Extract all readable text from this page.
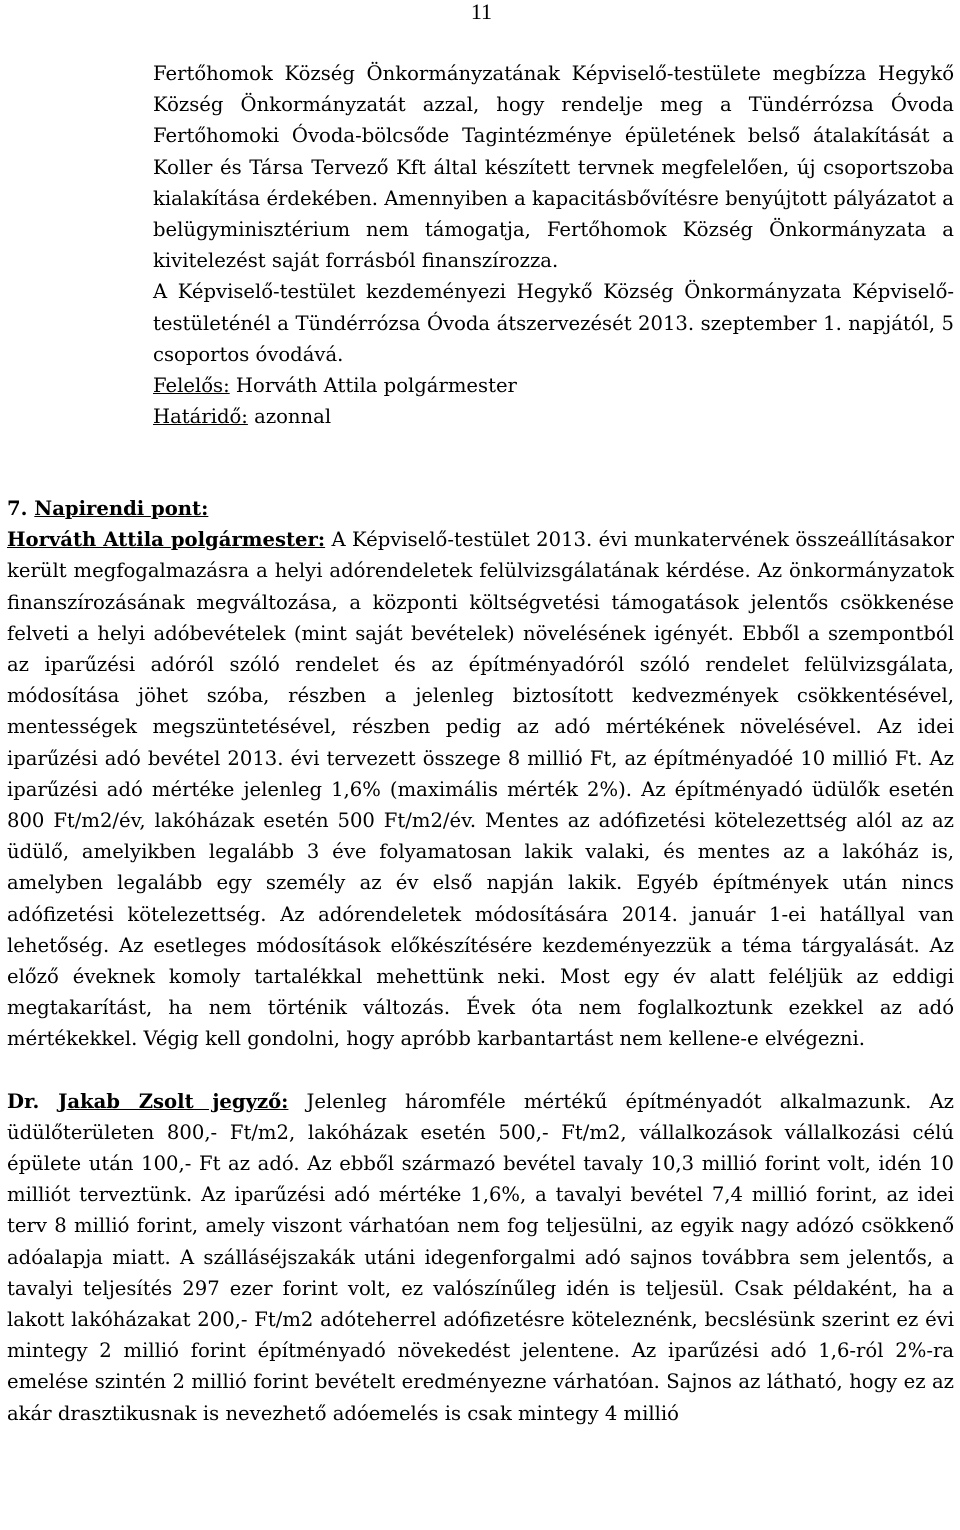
11

Fertőhomok Község Önkormányzatának Képviselő-testülete megbízza Hegykő Község Önkormányzatát azzal, hogy rendelje meg a Tündérrózsa Óvoda Fertőhomoki Óvoda-bölcsőde Tagintézménye épületének belső átalakítását a Koller és Társa Tervező Kft által készített tervnek megfelelően, új csoportszoba kialakítása érdekében. Amennyiben a kapacitásbővítésre benyújtott pályázatot a belügyminisztérium nem támogatja, Fertőhomok Község Önkormányzata a kivitelezést saját forrásból finanszírozza.

A Képviselő-testület kezdeményezi Hegykő Község Önkormányzata Képviselő-testületénél a Tündérrózsa Óvoda átszervezését 2013. szeptember 1. napjától, 5 csoportos óvodává.

Felelős: Horváth Attila polgármester

Határidő: azonnal

7. Napirendi pont:

Horváth Attila polgármester: A Képviselő-testület 2013. évi munkatervének összeállításakor került megfogalmazásra a helyi adórendeletek felülvizsgálatának kérdése. Az önkormányzatok finanszírozásának megváltozása, a központi költségvetési támogatások jelentős csökkenése felveti a helyi adóbevételek (mint saját bevételek) növelésének igényét. Ebből a szempontból az iparűzési adóról szóló rendelet és az építményadóról szóló rendelet felülvizsgálata, módosítása jöhet szóba, részben a jelenleg biztosított kedvezmények csökkentésével, mentességek megszüntetésével, részben pedig az adó mértékének növelésével. Az idei iparűzési adó bevétel 2013. évi tervezett összege 8 millió Ft, az építményadóé 10 millió Ft. Az iparűzési adó mértéke jelenleg 1,6% (maximális mérték 2%). Az építményadó üdülők esetén 800 Ft/m2/év, lakóházak esetén 500 Ft/m2/év. Mentes az adófizetési kötelezettség alól az az üdülő, amelyikben legalább 3 éve folyamatosan lakik valaki, és mentes az a lakóház is, amelyben legalább egy személy az év első napján lakik. Egyéb építmények után nincs adófizetési kötelezettség. Az adórendeletek módosítására 2014. január 1-ei hatállyal van lehetőség. Az esetleges módosítások előkészítésére kezdeményezzük a téma tárgyalását. Az előző éveknek komoly tartalékkal mehettünk neki. Most egy év alatt feléljük az eddigi megtakarítást, ha nem történik változás. Évek óta nem foglalkoztunk ezekkel az adó mértékekkel. Végig kell gondolni, hogy apróbb karbantartást nem kellene-e elvégezni.

Dr. Jakab Zsolt jegyző: Jelenleg háromféle mértékű építményadót alkalmazunk. Az üdülőterületen 800,- Ft/m2, lakóházak esetén 500,- Ft/m2, vállalkozások vállalkozási célú épülete után 100,- Ft az adó. Az ebből származó bevétel tavaly 10,3 millió forint volt, idén 10 milliót terveztünk. Az iparűzési adó mértéke 1,6%, a tavalyi bevétel 7,4 millió forint, az idei terv 8 millió forint, amely viszont várhatóan nem fog teljesülni, az egyik nagy adózó csökkenő adóalapja miatt. A szálláséjszakák utáni idegenforgalmi adó sajnos továbbra sem jelentős, a tavalyi teljesítés 297 ezer forint volt, ez valószínűleg idén is teljesül. Csak példaként, ha a lakott lakóházakat 200,- Ft/m2 adóteherrel adófizetésre köteleznénk, becslésünk szerint ez évi mintegy 2 millió forint építményadó növekedést jelentene. Az iparűzési adó 1,6-ról 2%-ra emelése szintén 2 millió forint bevételt eredményezne várhatóan. Sajnos az látható, hogy ez az akár drasztikusnak is nevezhető adóemelés is csak mintegy 4 millió
